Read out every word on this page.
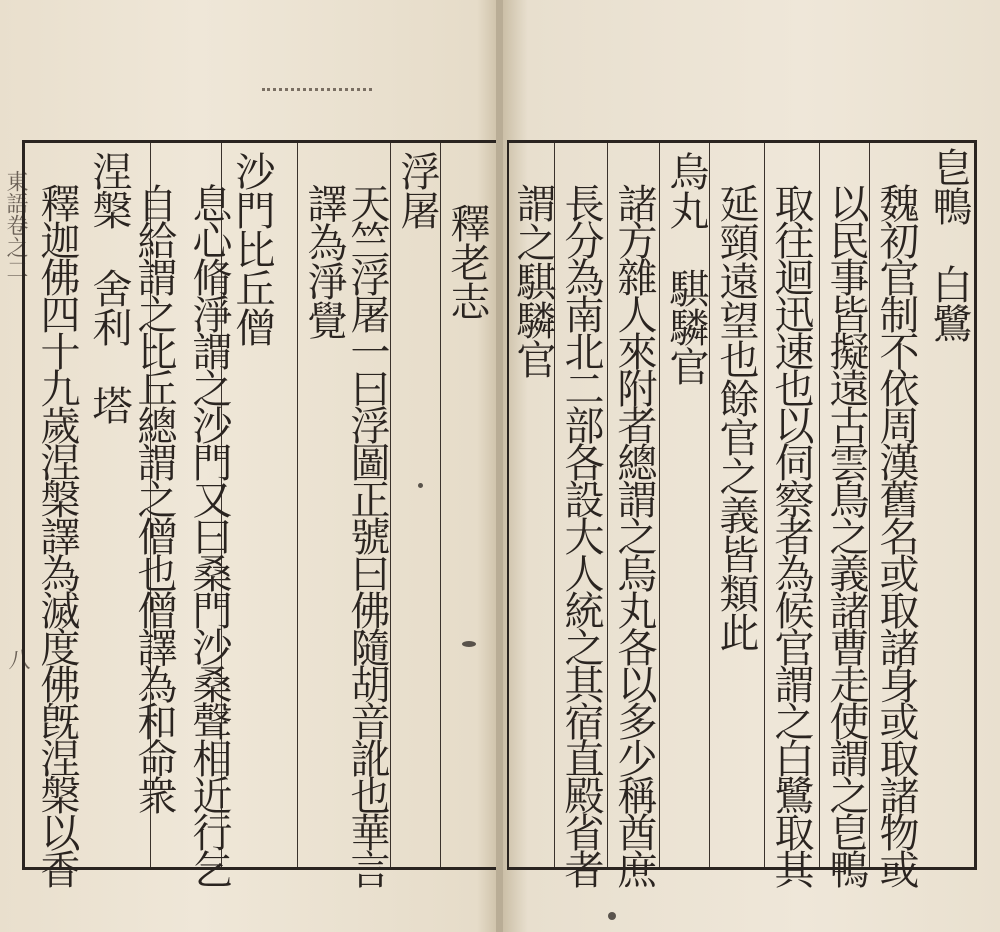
東語卷之二
八
釋老志
浮屠
天竺浮屠一曰浮圖正號曰佛隨胡音訛也華言
譯為淨覺
沙門比丘僧
息心脩淨謂之沙門又曰桑門沙桑聲相近行乞
自給謂之比丘總謂之僧也僧譯為和命衆
涅槃　舍利　塔
釋迦佛四十九歲涅槃譯為滅度佛旣涅槃以香	皀鴨　白鷺
魏初官制不依周漢舊名或取諸身或取諸物或
以民事皆擬遠古雲鳥之義諸曹走使謂之皀鴨
取往迴迅速也以伺察者為候官謂之白鷺取其
延頸遠望也餘官之義皆類此
烏丸　騏驎官
諸方雜人來附者總謂之烏丸各以多少稱酋庶
長分為南北二部各設大人統之其宿直殿省者
謂之騏驎官
